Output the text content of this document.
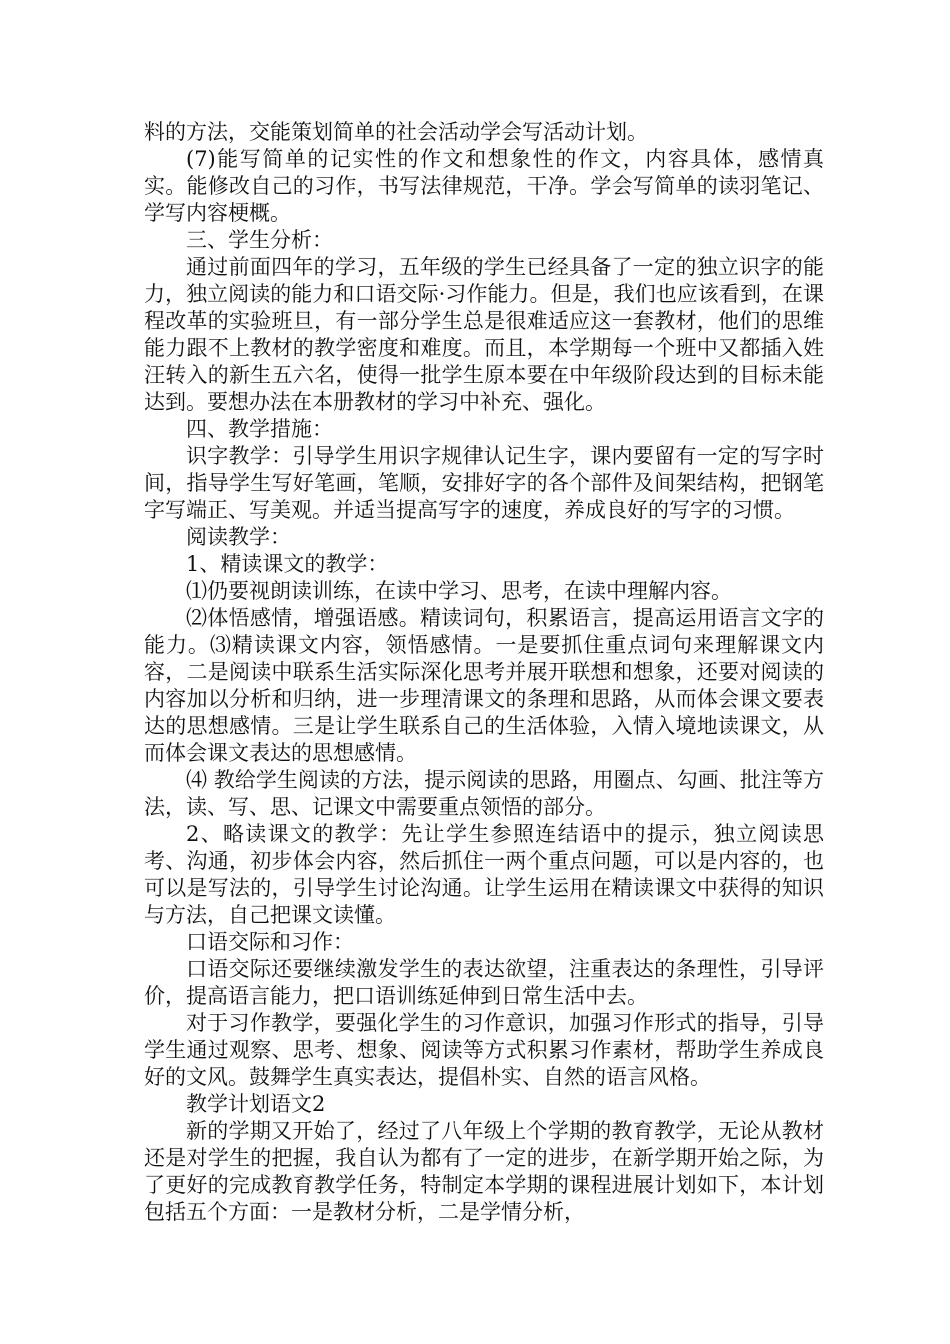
料的方法，交能策划简单的社会活动学会写活动计划。

(7)能写简单的记实性的作文和想象性的作文，内容具体，感情真实。能修改自己的习作，书写法律规范，干净。学会写简单的读羽笔记、学写内容梗概。

三、学生分析：

通过前面四年的学习，五年级的学生已经具备了一定的独立识字的能力，独立阅读的能力和口语交际·习作能力。但是，我们也应该看到，在课程改革的实验班旦，有一部分学生总是很难适应这一套教材，他们的思维能力跟不上教材的教学密度和难度。而且，本学期每一个班中又都插入姓汪转入的新生五六名，使得一批学生原本要在中年级阶段达到的目标未能达到。要想办法在本册教材的学习中补充、强化。

四、教学措施：

识字教学：引导学生用识字规律认记生字，课内要留有一定的写字时间，指导学生写好笔画，笔顺，安排好字的各个部件及间架结构，把钢笔字写端正、写美观。并适当提高写字的速度，养成良好的写字的习惯。

阅读教学：

1、精读课文的教学：

⑴仍要视朗读训练，在读中学习、思考，在读中理解内容。

⑵体悟感情，增强语感。精读词句，积累语言，提高运用语言文字的能力。⑶精读课文内容，领悟感情。一是要抓住重点词句来理解课文内容，二是阅读中联系生活实际深化思考并展开联想和想象，还要对阅读的内容加以分析和归纳，进一步理清课文的条理和思路，从而体会课文要表达的思想感情。三是让学生联系自己的生活体验，入情入境地读课文，从而体会课文表达的思想感情。

⑷ 教给学生阅读的方法，提示阅读的思路，用圈点、勾画、批注等方法，读、写、思、记课文中需要重点领悟的部分。

2、略读课文的教学：先让学生参照连结语中的提示，独立阅读思考、沟通，初步体会内容，然后抓住一两个重点问题，可以是内容的，也可以是写法的，引导学生讨论沟通。让学生运用在精读课文中获得的知识与方法，自己把课文读懂。

口语交际和习作：

口语交际还要继续激发学生的表达欲望，注重表达的条理性，引导评价，提高语言能力，把口语训练延伸到日常生活中去。

对于习作教学，要强化学生的习作意识，加强习作形式的指导，引导学生通过观察、思考、想象、阅读等方式积累习作素材，帮助学生养成良好的文风。鼓舞学生真实表达，提倡朴实、自然的语言风格。

教学计划语文2

新的学期又开始了，经过了八年级上个学期的教育教学，无论从教材还是对学生的把握，我自认为都有了一定的进步，在新学期开始之际，为了更好的完成教育教学任务，特制定本学期的课程进展计划如下，本计划包括五个方面：一是教材分析，二是学情分析，
